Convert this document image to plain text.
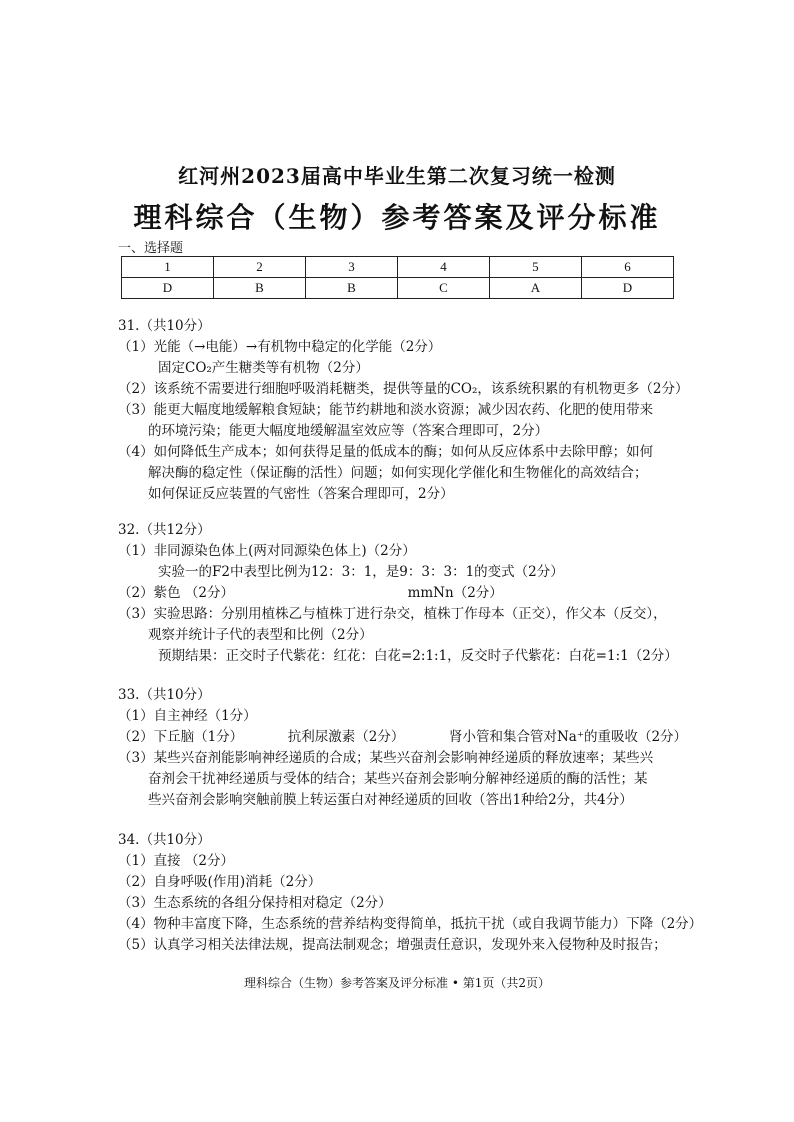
红河州2023届高中毕业生第二次复习统一检测
理科综合（生物）参考答案及评分标准
一、选择题
1	2	3	4	5	6
D	B	B	C	A	D
31.（共10分）
（1）光能（→电能）→有机物中稳定的化学能（2分）
固定CO₂产生糖类等有机物（2分）
（2）该系统不需要进行细胞呼吸消耗糖类，提供等量的CO₂，该系统积累的有机物更多（2分）
（3）能更大幅度地缓解粮食短缺；能节约耕地和淡水资源；减少因农药、化肥的使用带来
的环境污染；能更大幅度地缓解温室效应等（答案合理即可，2分）
（4）如何降低生产成本；如何获得足量的低成本的酶；如何从反应体系中去除甲醇；如何
解决酶的稳定性（保证酶的活性）问题；如何实现化学催化和生物催化的高效结合；
如何保证反应装置的气密性（答案合理即可，2分）
32.（共12分）
（1）非同源染色体上(两对同源染色体上)（2分）
实验一的F2中表型比例为12：3：1，是9：3：3：1的变式（2分）
（2）紫色 （2分）	mmNn（2分）
（3）实验思路：分别用植株乙与植株丁进行杂交，植株丁作母本（正交），作父本（反交），
观察并统计子代的表型和比例（2分）
预期结果：正交时子代紫花：红花：白花=2:1:1，反交时子代紫花：白花=1:1（2分）
33.（共10分）
（1）自主神经（1分）
（2）下丘脑（1分）	抗利尿激素（2分）	肾小管和集合管对Na⁺的重吸收（2分）
（3）某些兴奋剂能影响神经递质的合成；某些兴奋剂会影响神经递质的释放速率；某些兴
奋剂会干扰神经递质与受体的结合；某些兴奋剂会影响分解神经递质的酶的活性；某
些兴奋剂会影响突触前膜上转运蛋白对神经递质的回收（答出1种给2分，共4分）
34.（共10分）
（1）直接 （2分）
（2）自身呼吸(作用)消耗（2分）
（3）生态系统的各组分保持相对稳定（2分）
（4）物种丰富度下降，生态系统的营养结构变得简单，抵抗干扰（或自我调节能力）下降（2分）
（5）认真学习相关法律法规，提高法制观念；增强责任意识，发现外来入侵物种及时报告；
理科综合（生物）参考答案及评分标准 • 第1页（共2页）
